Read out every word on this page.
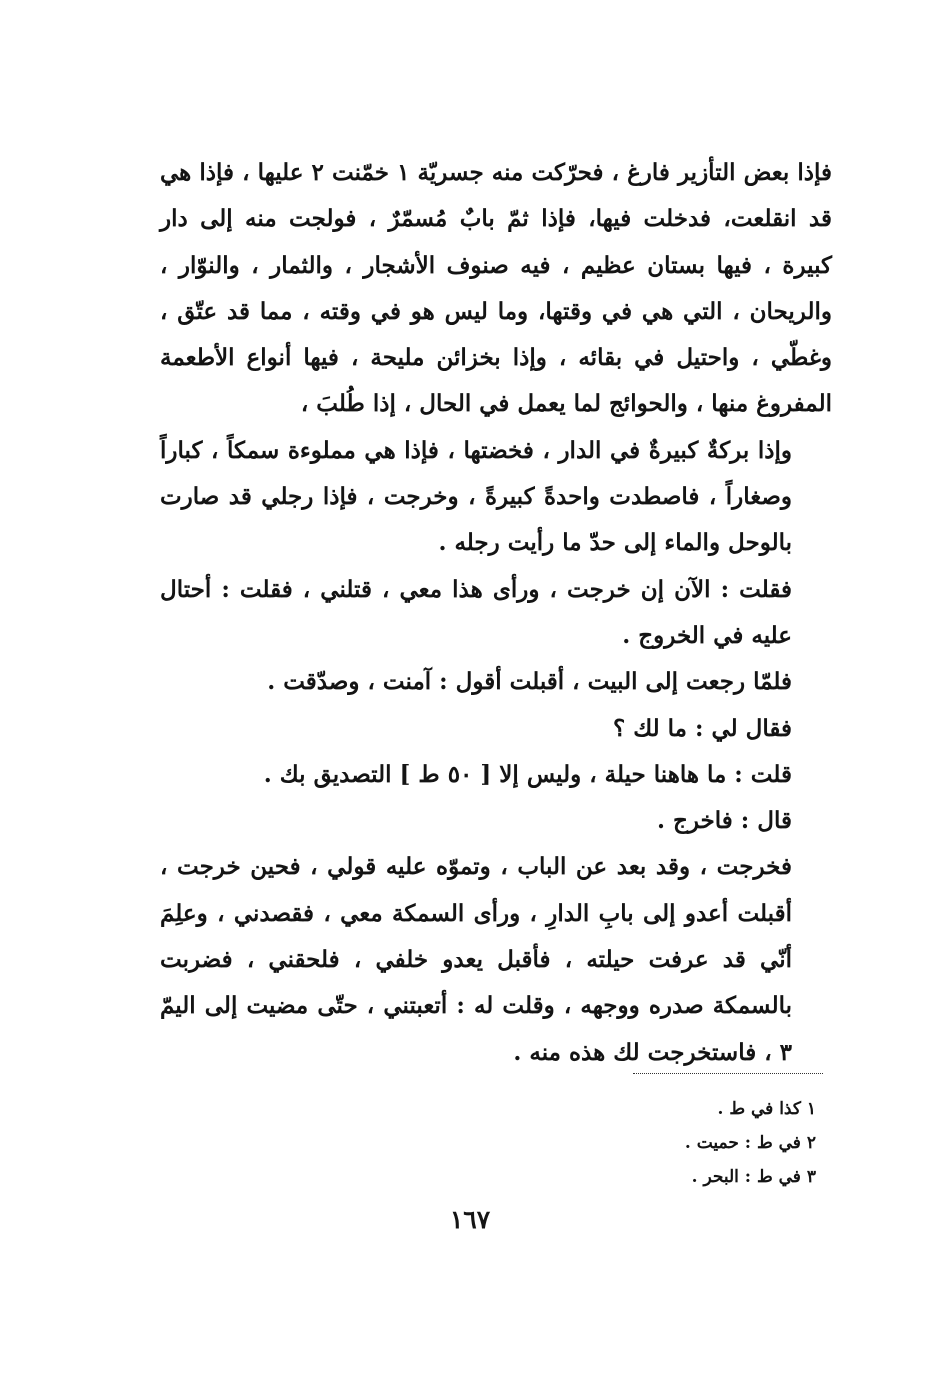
فإذا بعض التأزير فارغ ، فحرّكت منه جسريّة ١ خمّنت ٢ عليها ، فإذا هي قد انقلعت، فدخلت فيها، فإذا ثمّ بابٌ مُسمّرٌ ، فولجت منه إلى دار كبيرة ، فيها بستان عظيم ، فيه صنوف الأشجار ، والثمار ، والنوّار ، والريحان ، التي هي في وقتها، وما ليس هو في وقته ، مما قد عتّق ، وغطّي ، واحتيل في بقائه ، وإذا بخزائن مليحة ، فيها أنواع الأطعمة المفروغ منها ، والحوائج لما يعمل في الحال ، إذا طُلبَ ،

وإذا بركةٌ كبيرةٌ في الدار ، فخضتها ، فإذا هي مملوءة سمكاً ، كباراً وصغاراً ، فاصطدت واحدةً كبيرةً ، وخرجت ، فإذا رجلي قد صارت بالوحل والماء إلى حدّ ما رأيت رجله .

فقلت : الآن إن خرجت ، ورأى هذا معي ، قتلني ، فقلت : أحتال عليه في الخروج .

فلمّا رجعت إلى البيت ، أقبلت أقول : آمنت ، وصدّقت .

فقال لي : ما لك ؟

قلت : ما هاهنا حيلة ، وليس إلا [ ٥٠ ط ] التصديق بك .

قال : فاخرج .

فخرجت ، وقد بعد عن الباب ، وتموّه عليه قولي ، فحين خرجت ، أقبلت أعدو إلى بابِ الدارِ ، ورأى السمكة معي ، فقصدني ، وعلِمَ أنّي قد عرفت حيلته ، فأقبل يعدو خلفي ، فلحقني ، فضربت بالسمكة صدره ووجهه ، وقلت له : أتعبتني ، حتّى مضيت إلى اليمّ ٣ ، فاستخرجت لك هذه منه .

١ كذا في ط .
٢ في ط : حميت .
٣ في ط : البحر .
١٦٧
